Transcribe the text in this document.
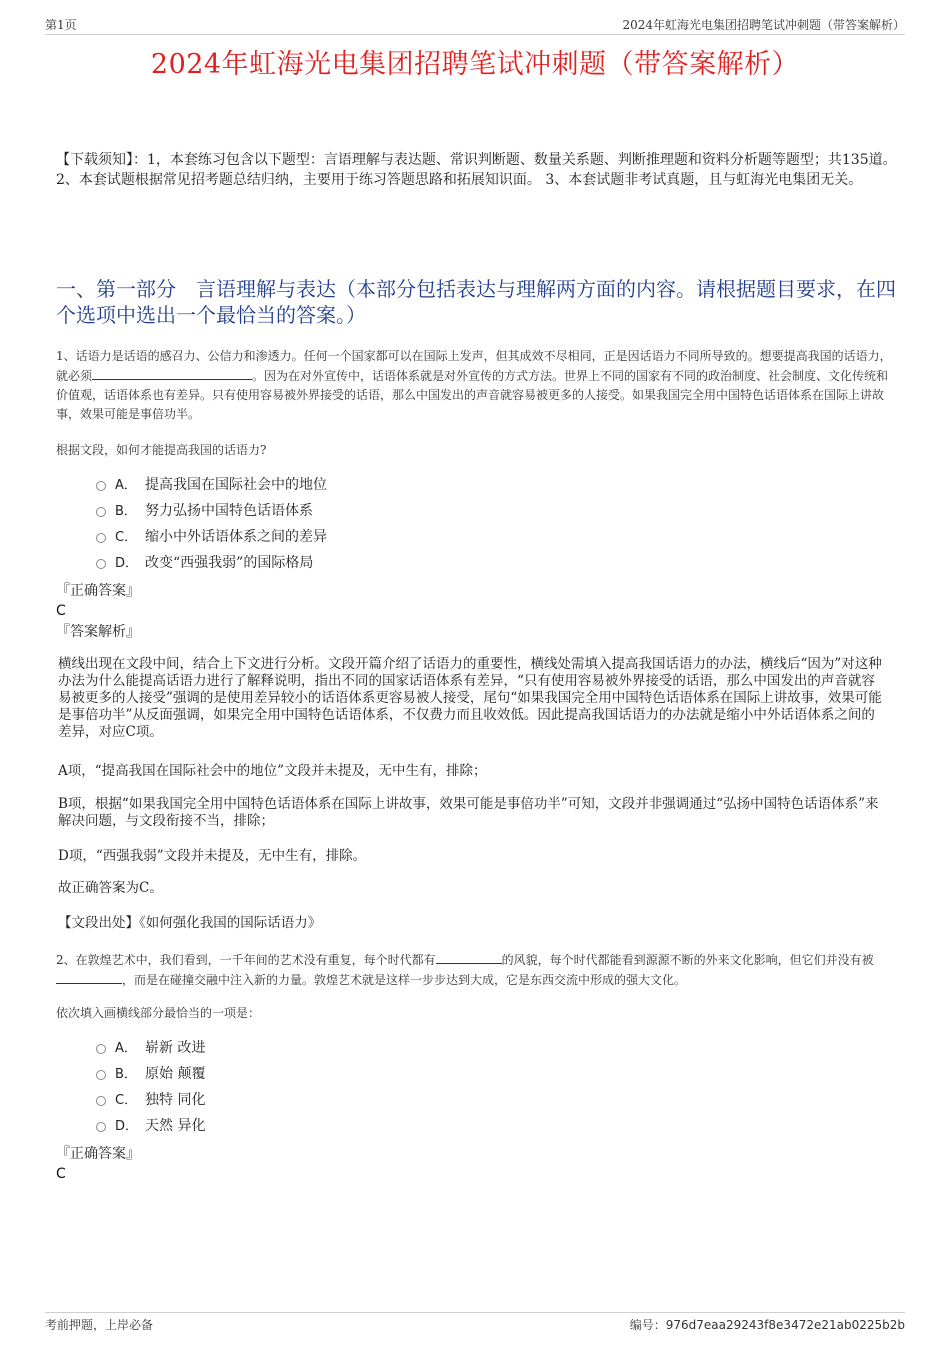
第1页	2024年虹海光电集团招聘笔试冲刺题（带答案解析）
2024年虹海光电集团招聘笔试冲刺题（带答案解析）
【下载须知】：1，本套练习包含以下题型：言语理解与表达题、常识判断题、数量关系题、判断推理题和资料分析题等题型；共135道。 2、本套试题根据常见招考题总结归纳，主要用于练习答题思路和拓展知识面。 3、本套试题非考试真题，且与虹海光电集团无关。
一、第一部分　言语理解与表达（本部分包括表达与理解两方面的内容。请根据题目要求，在四个选项中选出一个最恰当的答案。）
1、话语力是话语的感召力、公信力和渗透力。任何一个国家都可以在国际上发声，但其成效不尽相同，正是因话语力不同所导致的。想要提高我国的话语力，就必须	。因为在对外宣传中，话语体系就是对外宣传的方式方法。世界上不同的国家有不同的政治制度、社会制度、文化传统和价值观，话语体系也有差异。只有使用容易被外界接受的话语，那么中国发出的声音就容易被更多的人接受。如果我国完全用中国特色话语体系在国际上讲故事，效果可能是事倍功半。
根据文段，如何才能提高我国的话语力?
A． 提高我国在国际社会中的地位
B． 努力弘扬中国特色话语体系
C． 缩小中外话语体系之间的差异
D． 改变“西强我弱”的国际格局
『正确答案』
C
『答案解析』
横线出现在文段中间，结合上下文进行分析。文段开篇介绍了话语力的重要性，横线处需填入提高我国话语力的办法，横线后“因为”对这种办法为什么能提高话语力进行了解释说明，指出不同的国家话语体系有差异，“只有使用容易被外界接受的话语，那么中国发出的声音就容易被更多的人接受”强调的是使用差异较小的话语体系更容易被人接受，尾句“如果我国完全用中国特色话语体系在国际上讲故事，效果可能是事倍功半”从反面强调，如果完全用中国特色话语体系，不仅费力而且收效低。因此提高我国话语力的办法就是缩小中外话语体系之间的差异，对应C项。
A项，“提高我国在国际社会中的地位”文段并未提及，无中生有，排除；
B项，根据“如果我国完全用中国特色话语体系在国际上讲故事，效果可能是事倍功半”可知，文段并非强调通过“弘扬中国特色话语体系”来解决问题，与文段衔接不当，排除；
D项，“西强我弱”文段并未提及，无中生有，排除。
故正确答案为C。
【文段出处】《如何强化我国的国际话语力》
2、在敦煌艺术中，我们看到，一千年间的艺术没有重复，每个时代都有	的风貌，每个时代都能看到源源不断的外来文化影响，但它们并没有被，而是在碰撞交融中注入新的力量。敦煌艺术就是这样一步步达到大成，它是东西交流中形成的强大文化。
依次填入画横线部分最恰当的一项是：
A． 崭新 改进
B． 原始 颠覆
C． 独特 同化
D． 天然 异化
『正确答案』
C
考前押题，上岸必备	编号：976d7eaa29243f8e3472e21ab0225b2b
